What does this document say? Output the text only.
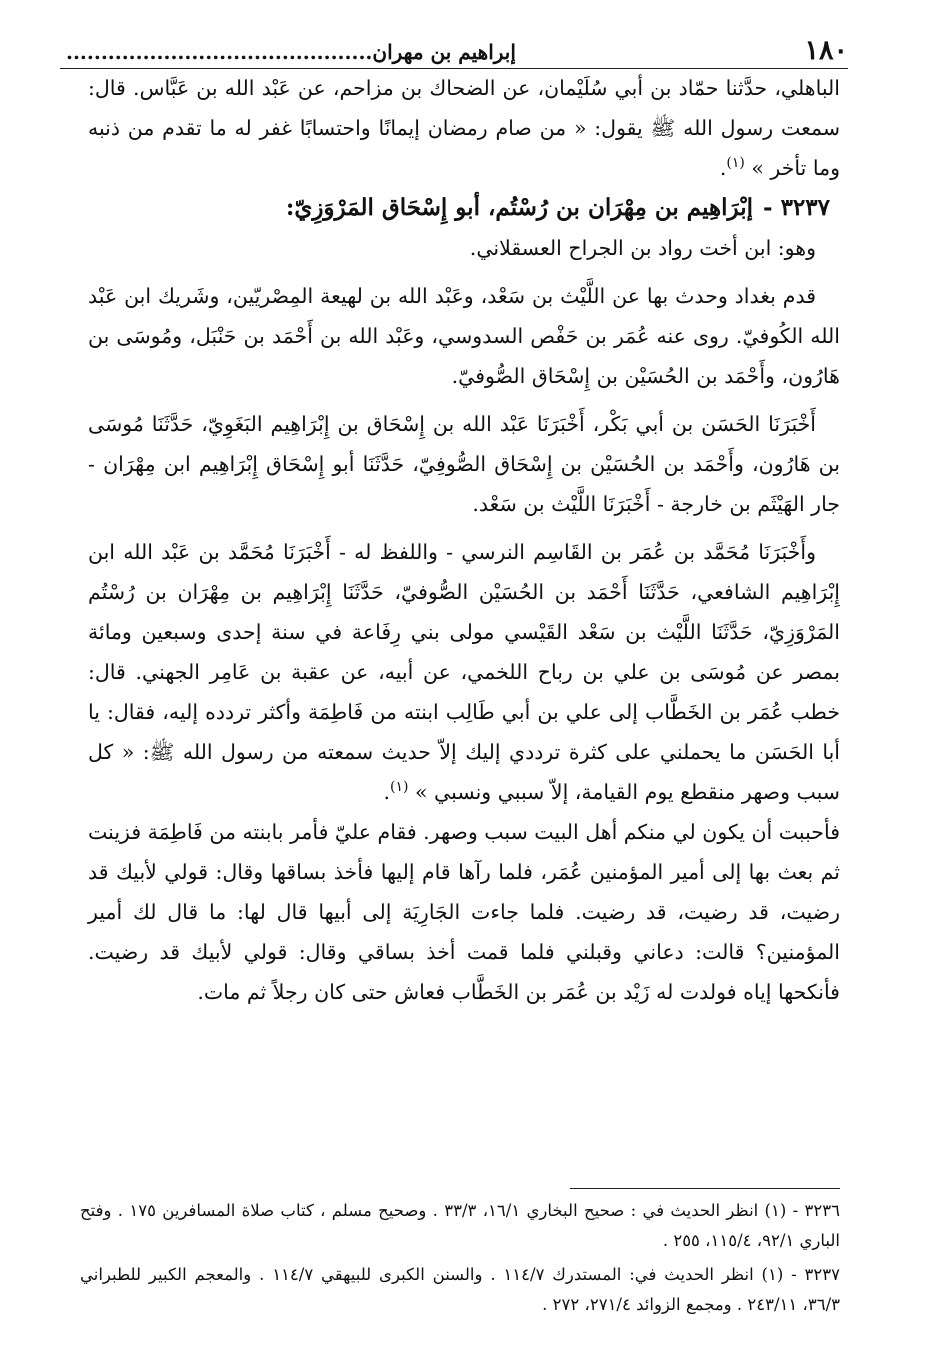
١٨٠
إبراهيم بن مهران............................................

الباهلي، حدَّثنا حمّاد بن أبي سُلَيْمان، عن الضحاك بن مزاحم، عن عَبْد الله بن عَبَّاس. قال: سمعت رسول الله ﷺ يقول: « من صام رمضان إيمانًا واحتسابًا غفر له ما تقدم من ذنبه وما تأخر » $^{(١)}$.

٣٢٣٧ -إبْرَاهِيم بن مِهْرَان بن رُسْتُم، أبو إِسْحَاق المَرْوَزِيّ:

وهو: ابن أخت رواد بن الجراح العسقلاني.

قدم بغداد وحدث بها عن اللَّيْث بن سَعْد، وعَبْد الله بن لهيعة المِصْريّين، وشَريك ابن عَبْد الله الكُوفيّ. روى عنه عُمَر بن حَفْص السدوسي، وعَبْد الله بن أَحْمَد بن حَنْبَل، ومُوسَى بن هَارُون، وأَحْمَد بن الحُسَيْن بن إِسْحَاق الصُّوفيّ.

أَخْبَرَنَا الحَسَن بن أبي بَكْر، أَخْبَرَنَا عَبْد الله بن إِسْحَاق بن إِبْرَاهِيم البَغَوِيّ، حَدَّثَنَا مُوسَى بن هَارُون، وأَحْمَد بن الحُسَيْن بن إِسْحَاق الصُّوفِيّ، حَدَّثَنَا أبو إِسْحَاق إِبْرَاهِيم ابن مِهْرَان - جار الهَيْثَم بن خارجة - أَخْبَرَنَا اللَّيْث بن سَعْد.

وأَخْبَرَنَا مُحَمَّد بن عُمَر بن القَاسِم النرسي - واللفظ له - أَخْبَرَنَا مُحَمَّد بن عَبْد الله ابن إِبْرَاهِيم الشافعي، حَدَّثَنَا أَحْمَد بن الحُسَيْن الصُّوفيّ، حَدَّثَنَا إِبْرَاهِيم بن مِهْرَان بن رُسْتُم المَرْوَزِيّ، حَدَّثَنَا اللَّيْث بن سَعْد القَيْسي مولى بني رِفَاعة في سنة إحدى وسبعين ومائة بمصر عن مُوسَى بن علي بن رباح اللخمي، عن أبيه، عن عقبة بن عَامِر الجهني. قال: خطب عُمَر بن الخَطَّاب إلى علي بن أبي طَالِب ابنته من فَاطِمَة وأكثر تردده إليه، فقال: يا أبا الحَسَن ما يحملني على كثرة ترددي إليك إلاّ حديث سمعته من رسول الله ﷺ: « كل سبب وصهر منقطع يوم القيامة، إلاّ سببي ونسبي » $^{(١)}$.

فأحببت أن يكون لي منكم أهل البيت سبب وصهر. فقام عليّ فأمر بابنته من فَاطِمَة فزينت ثم بعث بها إلى أمير المؤمنين عُمَر، فلما رآها قام إليها فأخذ بساقها وقال: قولي لأبيك قد رضيت، قد رضيت، قد رضيت. فلما جاءت الجَارِيَة إلى أبيها قال لها: ما قال لك أمير المؤمنين؟ قالت: دعاني وقبلني فلما قمت أخذ بساقي وقال: قولي لأبيك قد رضيت. فأنكحها إياه فولدت له زَيْد بن عُمَر بن الخَطَّاب فعاش حتى كان رجلاً ثم مات.

٣٢٣٦ - (١) انظر الحديث في : صحيح البخاري ١٦/١، ٣٣/٣ . وصحيح مسلم ، كتاب صلاة المسافرين ١٧٥ . وفتح الباري ٩٢/١، ١١٥/٤، ٢٥٥ .

٣٢٣٧ - (١) انظر الحديث في: المستدرك ١١٤/٧ . والسنن الكبرى للبيهقي ١١٤/٧ . والمعجم الكبير للطبراني ٣٦/٣، ٢٤٣/١١ . ومجمع الزوائد ٢٧١/٤، ٢٧٢ .
